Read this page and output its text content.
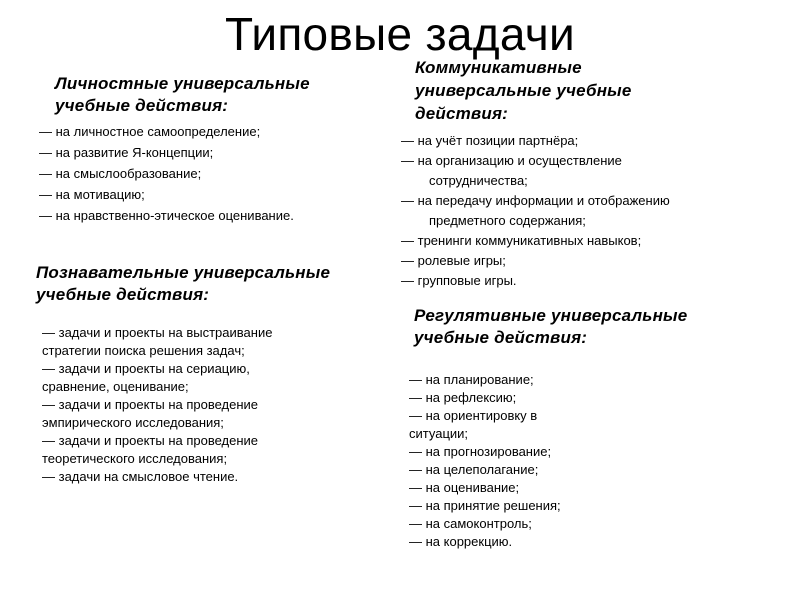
Типовые задачи
Личностные универсальные
учебные действия:
— на личностное самоопределение;
— на развитие Я-концепции;
— на смыслообразование;
— на мотивацию;
— на нравственно-этическое оценивание.
Познавательные универсальные
учебные действия:
— задачи и проекты на выстраивание
стратегии поиска решения задач;
— задачи и проекты на сериацию,
сравнение, оценивание;
— задачи и проекты на проведение
эмпирического исследования;
— задачи и проекты на проведение
теоретического исследования;
— задачи на смысловое чтение.
Коммуникативные
универсальные учебные
действия:
— на учёт позиции партнёра;
— на организацию и осуществление
сотрудничества;
— на передачу информации и отображению
предметного содержания;
— тренинги коммуникативных навыков;
— ролевые игры;
— групповые игры.
Регулятивные универсальные
учебные действия:
— на планирование;
— на рефлексию;
— на ориентировку в
ситуации;
— на прогнозирование;
— на целеполагание;
— на оценивание;
— на принятие решения;
— на самоконтроль;
— на коррекцию.
